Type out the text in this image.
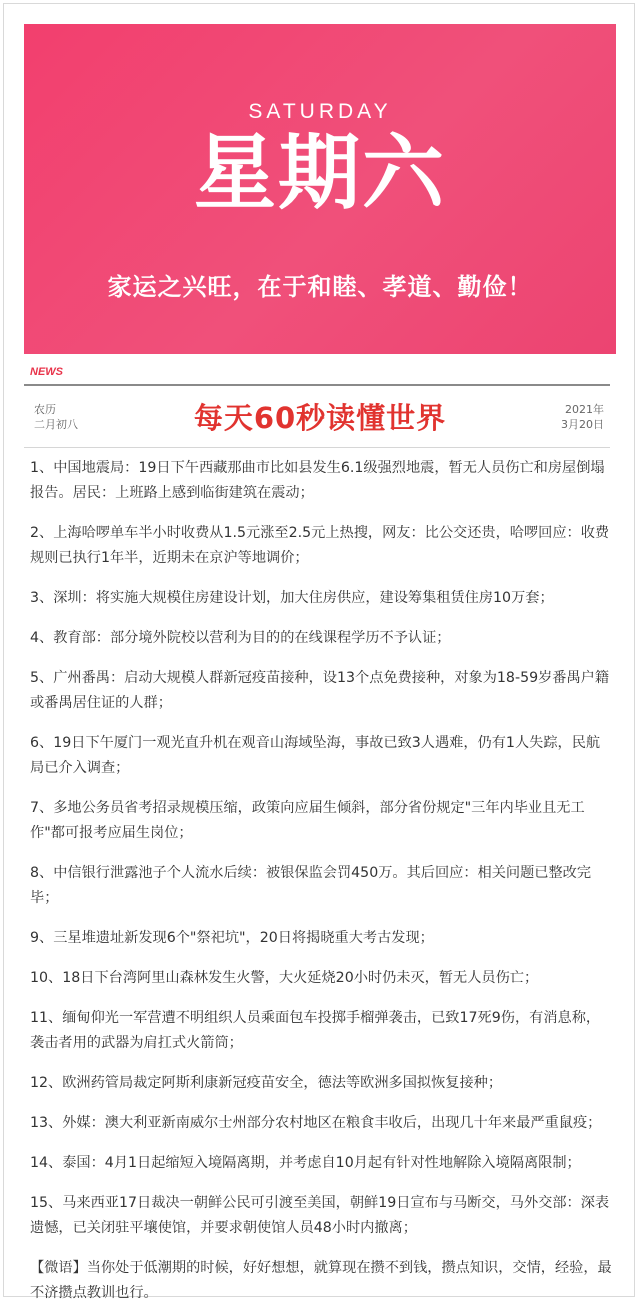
SATURDAY
星期六
家运之兴旺，在于和睦、孝道、勤俭！
NEWS
农历
二月初八	每天60秒读懂世界	2021年
3月20日

1、中国地震局：19日下午西藏那曲市比如县发生6.1级强烈地震，暂无人员伤亡和房屋倒塌报告。居民：上班路上感到临街建筑在震动；

2、上海哈啰单车半小时收费从1.5元涨至2.5元上热搜，网友：比公交还贵，哈啰回应：收费规则已执行1年半，近期未在京沪等地调价；

3、深圳：将实施大规模住房建设计划，加大住房供应，建设筹集租赁住房10万套；

4、教育部：部分境外院校以营利为目的的在线课程学历不予认证；

5、广州番禺：启动大规模人群新冠疫苗接种，设13个点免费接种，对象为18-59岁番禺户籍或番禺居住证的人群；

6、19日下午厦门一观光直升机在观音山海域坠海，事故已致3人遇难，仍有1人失踪，民航局已介入调查；

7、多地公务员省考招录规模压缩，政策向应届生倾斜，部分省份规定"三年内毕业且无工作"都可报考应届生岗位；

8、中信银行泄露池子个人流水后续：被银保监会罚450万。其后回应：相关问题已整改完毕；

9、三星堆遗址新发现6个"祭祀坑"，20日将揭晓重大考古发现；

10、18日下台湾阿里山森林发生火警，大火延烧20小时仍未灭，暂无人员伤亡；

11、缅甸仰光一军营遭不明组织人员乘面包车投掷手榴弹袭击，已致17死9伤，有消息称，袭击者用的武器为肩扛式火箭筒；

12、欧洲药管局裁定阿斯利康新冠疫苗安全，德法等欧洲多国拟恢复接种；

13、外媒：澳大利亚新南威尔士州部分农村地区在粮食丰收后，出现几十年来最严重鼠疫；

14、泰国：4月1日起缩短入境隔离期，并考虑自10月起有针对性地解除入境隔离限制；

15、马来西亚17日裁决一朝鲜公民可引渡至美国，朝鲜19日宣布与马断交，马外交部：深表遗憾，已关闭驻平壤使馆，并要求朝使馆人员48小时内撤离；

【微语】当你处于低潮期的时候，好好想想，就算现在攒不到钱，攒点知识，交情，经验，最不济攒点教训也行。
